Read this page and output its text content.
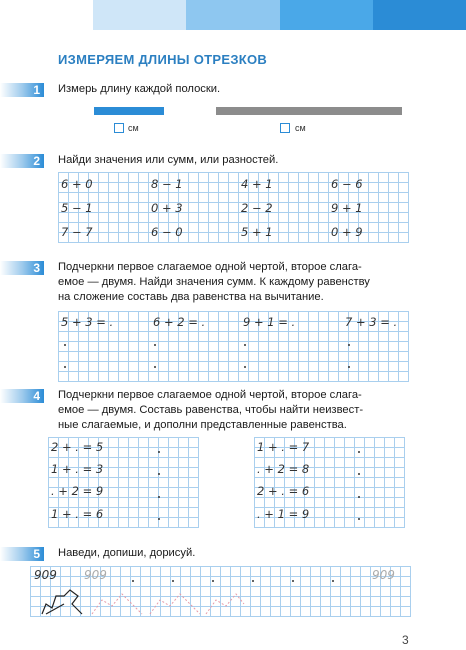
ИЗМЕРЯЕМ ДЛИНЫ ОТРЕЗКОВ
1	Измерь длину каждой полоски.

см	см
2	Найди значения или сумм, или разностей.

6 + 0	8 − 1	4 + 1	6 − 6
5 − 1	0 + 3	2 − 2	9 + 1
7 − 7	6 − 0	5 + 1	0 + 9
3	Подчеркни первое слагаемое одной чертой, второе слага-

емое — двумя. Найди значения сумм. К каждому равенству

на сложение составь два равенства на вычитание.

5 + 3 = .	6 + 2 = .	9 + 1 = .	7 + 3 = .
4	Подчеркни первое слагаемое одной чертой, второе слага-

емое — двумя. Составь равенства, чтобы найти неизвест-

ные слагаемые, и дополни представленные равенства.

2 + . = 5
1 + . = 3
. + 2 = 9
1 + . = 6
1 + . = 7
. + 2 = 8
2 + . = 6
. + 1 = 9
5	Наведи, допиши, дорисуй.

909 909	909
3
